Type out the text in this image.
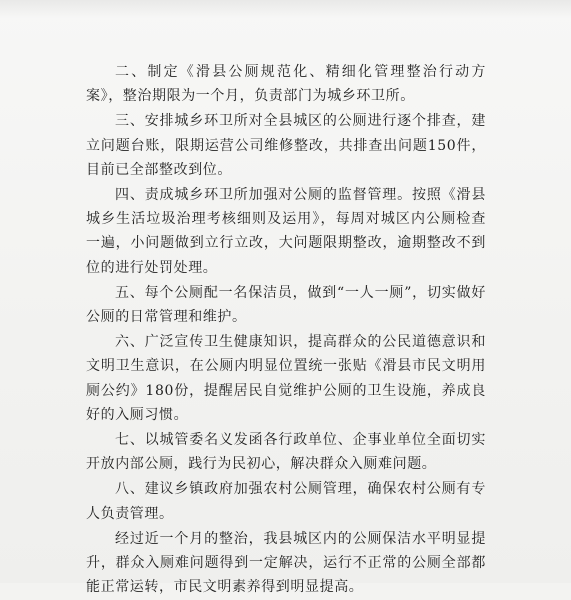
二、制定《滑县公厕规范化、精细化管理整治行动方案》，整治期限为一个月，负责部门为城乡环卫所。

三、安排城乡环卫所对全县城区的公厕进行逐个排查，建立问题台账，限期运营公司维修整改，共排查出问题150件，目前已全部整改到位。

四、责成城乡环卫所加强对公厕的监督管理。按照《滑县城乡生活垃圾治理考核细则及运用》，每周对城区内公厕检查一遍，小问题做到立行立改，大问题限期整改，逾期整改不到位的进行处罚处理。

五、每个公厕配一名保洁员，做到“一人一厕”，切实做好公厕的日常管理和维护。

六、广泛宣传卫生健康知识，提高群众的公民道德意识和文明卫生意识，在公厕内明显位置统一张贴《滑县市民文明用厕公约》180份，提醒居民自觉维护公厕的卫生设施，养成良好的入厕习惯。

七、以城管委名义发函各行政单位、企事业单位全面切实开放内部公厕，践行为民初心，解决群众入厕难问题。

八、建议乡镇政府加强农村公厕管理，确保农村公厕有专人负责管理。

经过近一个月的整治，我县城区内的公厕保洁水平明显提升，群众入厕难问题得到一定解决，运行不正常的公厕全部都能正常运转，市民文明素养得到明显提高。
